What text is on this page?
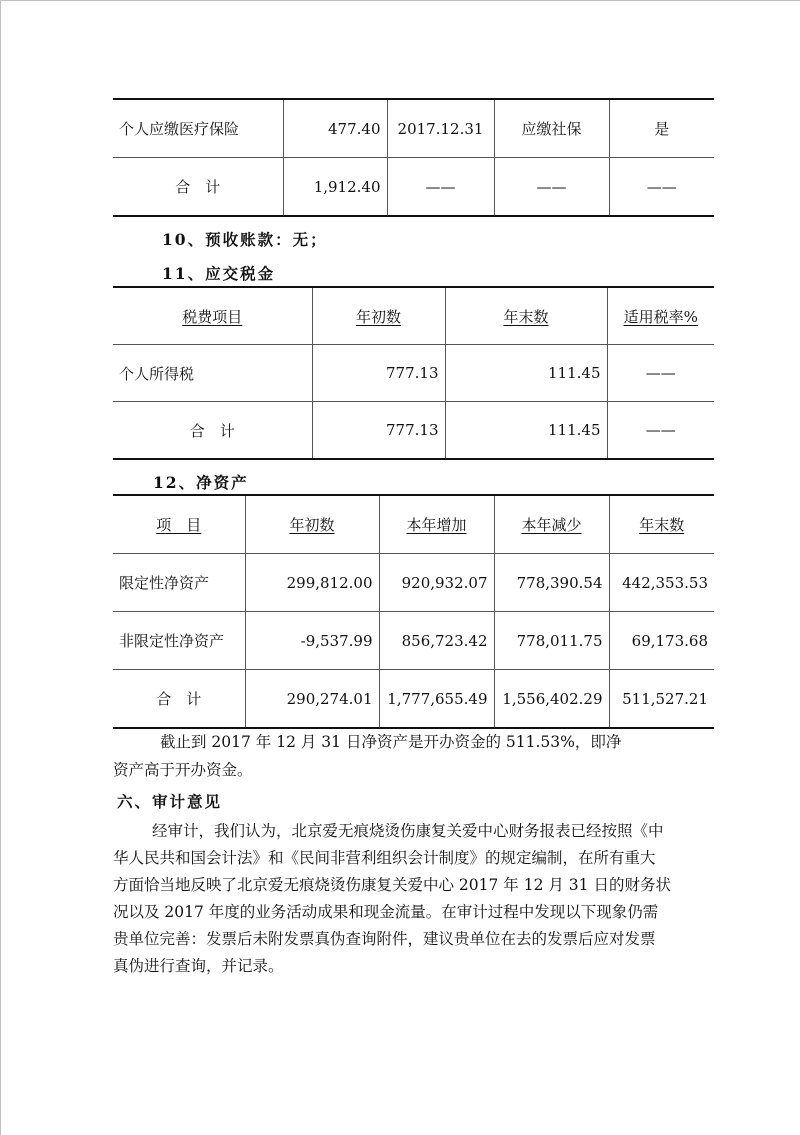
个人应缴医疗保险	477.40	2017.12.31	应缴社保	是
合　计	1,912.40	——	——	——
10、预收账款：无；
11、应交税金
税费项目	年初数	年末数	适用税率%
个人所得税	777.13	111.45	——
合　计	777.13	111.45	——
12、净资产
项　目	年初数	本年增加	本年减少	年末数
限定性净资产	299,812.00	920,932.07	778,390.54	442,353.53
非限定性净资产	-9,537.99	856,723.42	778,011.75	69,173.68
合　计	290,274.01	1,777,655.49	1,556,402.29	511,527.21
截止到 2017 年 12 月 31 日净资产是开办资金的 511.53%，即净
资产高于开办资金。
六、审计意见
经审计，我们认为，北京爱无痕烧烫伤康复关爱中心财务报表已经按照《中
华人民共和国会计法》和《民间非营利组织会计制度》的规定编制，在所有重大
方面恰当地反映了北京爱无痕烧烫伤康复关爱中心 2017 年 12 月 31 日的财务状
况以及 2017 年度的业务活动成果和现金流量。在审计过程中发现以下现象仍需
贵单位完善：发票后未附发票真伪查询附件，建议贵单位在去的发票后应对发票
真伪进行查询，并记录。
